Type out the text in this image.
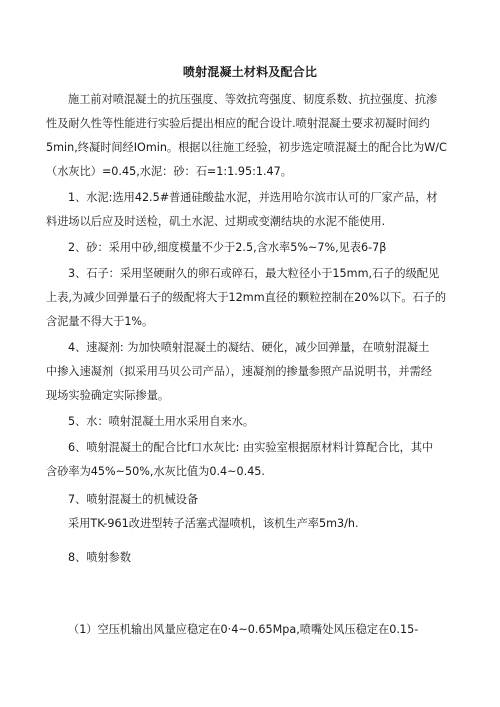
喷射混凝土材料及配合比
施工前对喷混凝土的抗压强度、等效抗弯强度、韧度系数、抗拉强度、抗渗
性及耐久性等性能进行实验后提出相应的配合设计.喷射混凝土要求初凝时间约
5min,终凝时间经IOmin。根据以往施工经验，初步选定喷混凝土的配合比为W/C
（水灰比）=0.45,水泥：砂：石=1:1.95:1.47。
1、水泥:选用42.5#普通硅酸盐水泥，并选用哈尔滨市认可的厂家产品，材
料进场以后应及时送检，矶土水泥、过期或变潮结块的水泥不能使用.
2、砂：采用中砂,细度模量不少于2.5,含水率5%~7%,见表6-7β
3、石子：采用坚硬耐久的卵石或碎石，最大粒径小于15mm,石子的级配见
上表,为减少回弹量石子的级配将大于12mm直径的颗粒控制在20%以下。石子的
含泥量不得大于1%。
4、速凝剂: 为加快喷射混凝土的凝结、硬化，减少回弹量，在喷射混凝土
中掺入速凝剂（拟采用马贝公司产品），速凝剂的掺量参照产品说明书，并需经
现场实验确定实际掺量。
5、水：喷射混凝土用水采用自来水。
6、喷射混凝土的配合比f口水灰比: 由实验室根据原材料计算配合比，其中
含砂率为45%~50%,水灰比值为0.4~0.45.
7、喷射混凝土的机械设备
采用TK-961改进型转子活塞式湿喷机，该机生产率5m3/h.
8、喷射参数
（1）空压机输出风量应稳定在0·4~0.65Mpa,喷嘴处风压稳定在0.15-
